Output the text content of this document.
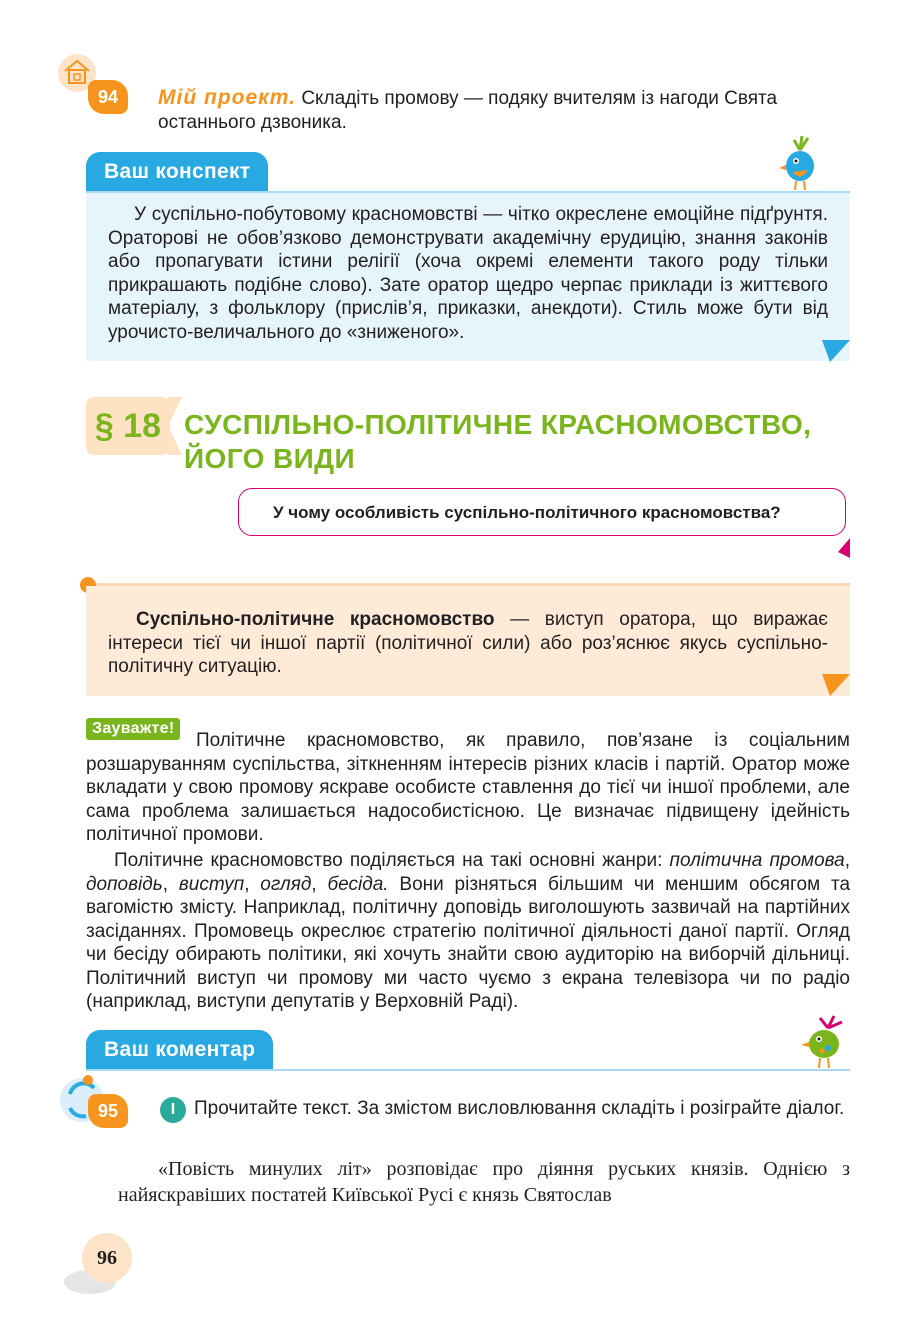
94	Мій проект. Складіть промову — подяку вчителям із нагоди Свята останнього дзвоника.
Ваш конспект
У суспільно-побутовому красномовстві — чітко окреслене емоційне підґрунтя. Ораторові не обов’язково демонструвати академічну ерудицію, знання законів або пропагувати істини релігії (хоча окремі елементи такого роду тільки прикрашають подібне слово). Зате оратор щедро черпає приклади із життєвого матеріалу, з фольклору (прислів’я, приказки, анекдоти). Стиль може бути від урочисто-величального до «зниженого».
§ 18 СУСПІЛЬНО-ПОЛІТИЧНЕ КРАСНОМОВСТВО,
ЙОГО ВИДИ
У чому особливість суспільно-політичного красномовства?
Суспільно-політичне красномовство — виступ оратора, що виражає інтереси тієї чи іншої партії (політичної сили) або роз’яснює якусь суспільно-політичну ситуацію.
Політичне красномовство, як правило, пов’язане із соціальним розшаруванням суспільства, зіткненням інтересів різних класів і партій. Оратор може вкладати у свою промову яскраве особисте ставлення до тієї чи іншої проблеми, але сама проблема залишається надособистісною. Це визначає підвищену ідейність політичної промови.
Зауважте!
Політичне красномовство поділяється на такі основні жанри: політична промова, доповідь, виступ, огляд, бесіда. Вони різняться більшим чи меншим обсягом та вагомістю змісту. Наприклад, політичну доповідь виголошують зазвичай на партійних засіданнях. Промовець окреслює стратегію політичної діяльності даної партії. Огляд чи бесіду обирають політики, які хочуть знайти свою аудиторію на виборчій дільниці. Політичний виступ чи промову ми часто чуємо з екрана телевізора чи по радіо (наприклад, виступи депутатів у Верховній Раді).
Ваш коментар
95	І Прочитайте текст. За змістом висловлювання складіть і розіграйте діалог.
«Повість минулих літ» розповідає про діяння руських князів. Однією з найяскравіших постатей Київської Русі є князь Святослав
96
